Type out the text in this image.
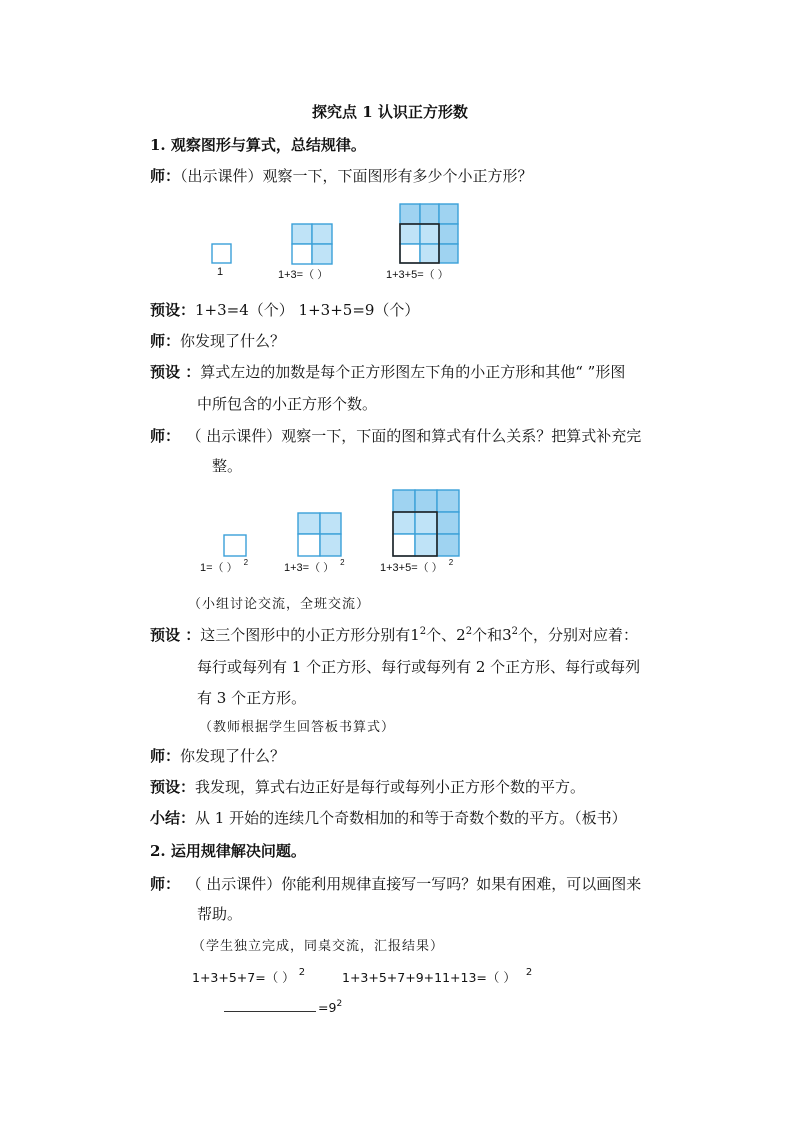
探究点 1 认识正方形数
1. 观察图形与算式，总结规律。
师：（出示课件）观察一下，下面图形有多少个小正方形？
1	1+3=（ ）	1+3+5=（ ）
预设：1+3=4（个） 1+3+5=9（个）
师：你发现了什么？
预设 ：算式左边的加数是每个正方形图左下角的小正方形和其他“ ”形图
中所包含的小正方形个数。
师： （ 出示课件）观察一下，下面的图和算式有什么关系？把算式补充完
整。
1=（ ） $^2$	1+3=（ ） $^2$	1+3+5=（ ） $^2$
（小组讨论交流，全班交流）
预设 ：这三个图形中的小正方形分别有$1^2$个、$2^2$个和$3^2$个，分别对应着：
每行或每列有 1 个正方形、每行或每列有 2 个正方形、每行或每列
有 3 个正方形。
（教师根据学生回答板书算式）
师：你发现了什么？
预设：我发现，算式右边正好是每行或每列小正方形个数的平方。
小结：从 1 开始的连续几个奇数相加的和等于奇数个数的平方。（板书）
2. 运用规律解决问题。
师： （ 出示课件）你能利用规律直接写一写吗？如果有困难，可以画图来
帮助。
（学生独立完成，同桌交流，汇报结果）
1+3+5+7=（ ） $^2$	1+3+5+7+9+11+13=（ ） $^2$
$=9^2$
